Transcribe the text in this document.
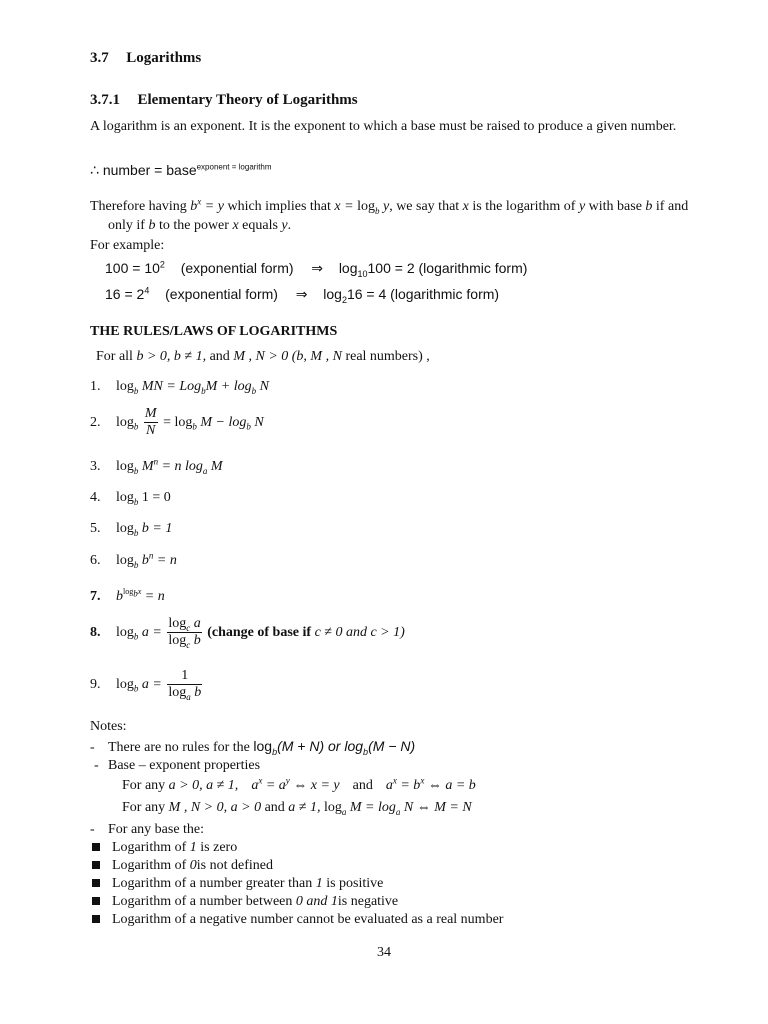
3.7 Logarithms
3.7.1 Elementary Theory of Logarithms
A logarithm is an exponent. It is the exponent to which a base must be raised to produce a given number.
∴ number = base$^{exponent = logarithm}$
Therefore having $b^x = y$ which implies that $x = \log_b y$, we say that x is the logarithm of y with base b if and only if b to the power x equals y.
For example:
$100 = 10^2$ (exponential form) ⇒ $\log_{10}100 = 2$ (logarithmic form)
$16 = 2^4$ (exponential form) ⇒ $\log_216 = 4$ (logarithmic form)
THE RULES/LAWS OF LOGARITHMS
For all b > 0, b ≠ 1, and M , N > 0 (b, M , N real numbers) ,
1. $\log_b$ MN = $Log_bM + \log_b N$
2. $\log_b \frac{M}{N} = \log_b M - \log_b N$
3. $\log_b M^n = n$ $\log_a M$
4. $\log_b 1 = 0$
5. $\log_b b = 1$
6. $\log_b b^n = n$
7. $b^{log_bx} = n$
8. $\log_b a = \frac{\log_c a}{\log_c b}$ (change of base if c ≠ 0 and c > 1)
9. $\log_b a = \frac{1}{\log_a b}$
Notes:
- There are no rules for the $\log_b(M + N)$ or $\log_b(M - N)$
- Base – exponent properties
For any a > 0, a ≠ 1, $a^x = a^y$ ⇔ x = y and $a^x = b^x$ ⇔ a = b
For any M , N > 0, a > 0 and a ≠ 1, $\log_a M = \log_a N$ ⇔ M = N
- For any base the:
Logarithm of 1 is zero
Logarithm of 0is not defined
Logarithm of a number greater than 1 is positive
Logarithm of a number between 0 and 1is negative
Logarithm of a negative number cannot be evaluated as a real number
34
